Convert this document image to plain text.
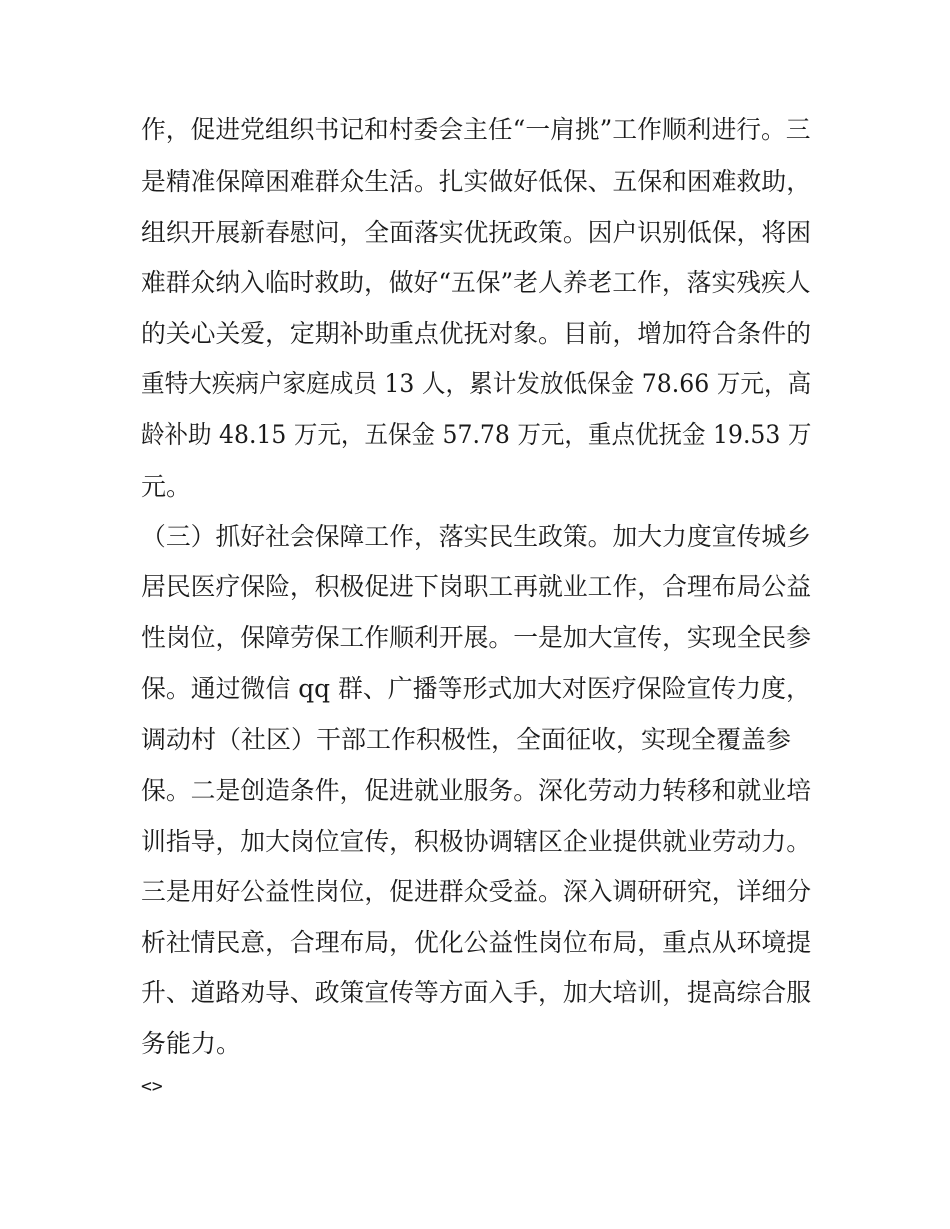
作，促进党组织书记和村委会主任“一肩挑”工作顺利进行。三

是精准保障困难群众生活。扎实做好低保、五保和困难救助，

组织开展新春慰问，全面落实优抚政策。因户识别低保，将困

难群众纳入临时救助，做好“五保”老人养老工作，落实残疾人

的关心关爱，定期补助重点优抚对象。目前，增加符合条件的

重特大疾病户家庭成员 13 人，累计发放低保金 78.66 万元，高

龄补助 48.15 万元，五保金 57.78 万元，重点优抚金 19.53 万

元。

（三）抓好社会保障工作，落实民生政策。加大力度宣传城乡

居民医疗保险，积极促进下岗职工再就业工作，合理布局公益

性岗位，保障劳保工作顺利开展。一是加大宣传，实现全民参

保。通过微信 qq 群、广播等形式加大对医疗保险宣传力度，

调动村（社区）干部工作积极性，全面征收，实现全覆盖参

保。二是创造条件，促进就业服务。深化劳动力转移和就业培

训指导，加大岗位宣传，积极协调辖区企业提供就业劳动力。

三是用好公益性岗位，促进群众受益。深入调研研究，详细分

析社情民意，合理布局，优化公益性岗位布局，重点从环境提

升、道路劝导、政策宣传等方面入手，加大培训，提高综合服

务能力。

<>
